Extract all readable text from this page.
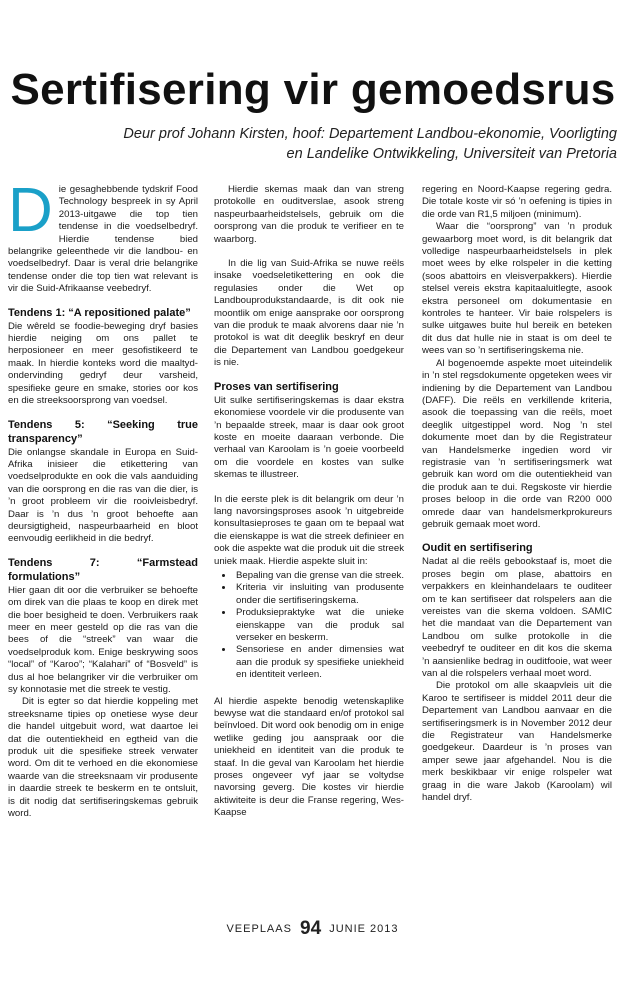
Sertifisering vir gemoedsrus
Deur prof Johann Kirsten, hoof: Departement Landbou-ekonomie, Voorligting en Landelike Ontwikkeling, Universiteit van Pretoria
D ie gesaghebbende tydskrif Food Technology bespreek in sy April 2013-uitgawe die top tien tendense in die voedselbedryf. Hierdie tendense bied belangrike geleenthede vir die landbou- en voedselbedryf. Daar is veral drie belangrike tendense onder die top tien wat relevant is vir die Suid-Afrikaanse veebedryf.

Tendens 1: “A repositioned palate”

Die wêreld se foodie-beweging dryf basies hierdie neiging om ons pallet te herposioneer en meer gesofistikeerd te maak. In hierdie konteks word die maaltyd-ondervinding gedryf deur varsheid, spesifieke geure en smake, stories oor kos en die streeksoorsprong van voedsel.

Tendens 5: “Seeking true transparency”

Die onlangse skandale in Europa en Suid-Afrika inisieer die etikettering van voedselprodukte en ook die vals aanduiding van die oorsprong en die ras van die dier, is ’n groot probleem vir die rooivleisbedryf. Daar is ’n dus ’n groot behoefte aan deursigtigheid, naspeurbaarheid en bloot eenvoudig eerlikheid in die bedryf.

Tendens 7: “Farmstead formulations”

Hier gaan dit oor die verbruiker se behoefte om direk van die plaas te koop en direk met die boer besigheid te doen. Verbruikers raak meer en meer gesteld op die ras van die bees of die “streek” van waar die voedselproduk kom. Enige beskrywing soos “local” of “Karoo”; “Kalahari” of “Bosveld” is dus al hoe belangriker vir die verbruiker om sy konnotasie met die streek te vestig.

Dit is egter so dat hierdie koppeling met streeksname tipies op onetiese wyse deur die handel uitgebuit word, wat daartoe lei dat die outentiekheid en egtheid van die produk uit die spesifieke streek verwater word. Om dit te verhoed en die ekonomiese waarde van die streeksnaam vir produsente in daardie streek te beskerm en te ontsluit, is dit nodig dat sertifiseringskemas gebruik word.

Hierdie skemas maak dan van streng protokolle en ouditverslae, asook streng naspeurbaarheidstelsels, gebruik om die oorsprong van die produk te verifieer en te waarborg.

In die lig van Suid-Afrika se nuwe reëls insake voedseletikettering en ook die regulasies onder die Wet op Landbouprodukstandaarde, is dit ook nie moontlik om enige aansprake oor oorsprong van die produk te maak alvorens daar nie ’n protokol is wat dit deeglik beskryf en deur die Departement van Landbou goedgekeur is nie.

Proses van sertifisering

Uit sulke sertifiseringskemas is daar ekstra ekonomiese voordele vir die produsente van ’n bepaalde streek, maar is daar ook groot koste en moeite daaraan verbonde. Die verhaal van Karoolam is ’n goeie voorbeeld om die voordele en kostes van sulke skemas te illustreer.

In die eerste plek is dit belangrik om deur ’n lang navorsingsproses asook ’n uitgebreide konsultasieproses te gaan om te bepaal wat die eienskappe is wat die streek definieer en ook die aspekte wat die produk uit die streek uniek maak. Hierdie aspekte sluit in:

• Bepaling van die grense van die streek.
• Kriteria vir insluiting van produsente onder die sertifiseringskema.
• Produksiepraktyke wat die unieke eienskappe van die produk sal verseker en beskerm.
• Sensoriese en ander dimensies wat aan die produk sy spesifieke uniekheid en identiteit verleen.

Al hierdie aspekte benodig wetenskaplike bewyse wat die standaard en/of protokol sal beïnvloed. Dit word ook benodig om in enige wetlike geding jou aanspraak oor die uniekheid en identiteit van die produk te staaf. In die geval van Karoolam het hierdie proses ongeveer vyf jaar se voltydse navorsing geverg. Die kostes vir hierdie aktiwiteite is deur die Franse regering, Wes-Kaapse

regering en Noord-Kaapse regering gedra. Die totale koste vir só ’n oefening is tipies in die orde van R1,5 miljoen (minimum).

Waar die “oorsprong” van ’n produk gewaarborg moet word, is dit belangrik dat volledige naspeurbaarheidstelsels in plek moet wees by elke rolspeler in die ketting (soos abattoirs en vleisverpakkers). Hierdie stelsel vereis ekstra kapitaaluitlegte, asook ekstra personeel om dokumentasie en kontroles te hanteer. Vir baie rolspelers is sulke uitgawes buite hul bereik en beteken dit dus dat hulle nie in staat is om deel te wees van so ’n sertifiseringskema nie.

Al bogenoemde aspekte moet uiteindelik in ’n stel regsdokumente opgeteken wees vir indiening by die Departement van Landbou (DAFF). Die reëls en verkillende kriteria, asook die toepassing van die reëls, moet deeglik uitgestippel word. Nog ’n stel dokumente moet dan by die Registrateur van Handelsmerke ingedien word vir registrasie van ’n sertifiseringsmerk wat gebruik kan word om die outentiekheid van die produk aan te dui. Regskoste vir hierdie proses beloop in die orde van R200 000 omrede daar van handelsmerkprokureurs gebruik gemaak moet word.

Oudit en sertifisering

Nadat al die reëls gebookstaaf is, moet die proses begin om plase, abattoirs en verpakkers en kleinhandelaars te ouditeer om te kan sertifiseer dat rolspelers aan die vereistes van die skema voldoen. SAMIC het die mandaat van die Departement van Landbou om sulke protokolle in die veebedryf te ouditeer en dit kos die skema ’n aansienlike bedrag in ouditfooie, wat weer van al die rolspelers verhaal moet word.

Die protokol om alle skaapvleis uit die Karoo te sertifiseer is middel 2011 deur die Departement van Landbou aanvaar en die sertifiseringsmerk is in November 2012 deur die Registrateur van Handelsmerke goedgekeur. Daardeur is ’n proses van amper sewe jaar afgehandel. Nou is die merk beskikbaar vir enige rolspeler wat graag in die ware Jakob (Karoolam) wil handel dryf.

VEEPLAAS 94 JUNIE 2013
